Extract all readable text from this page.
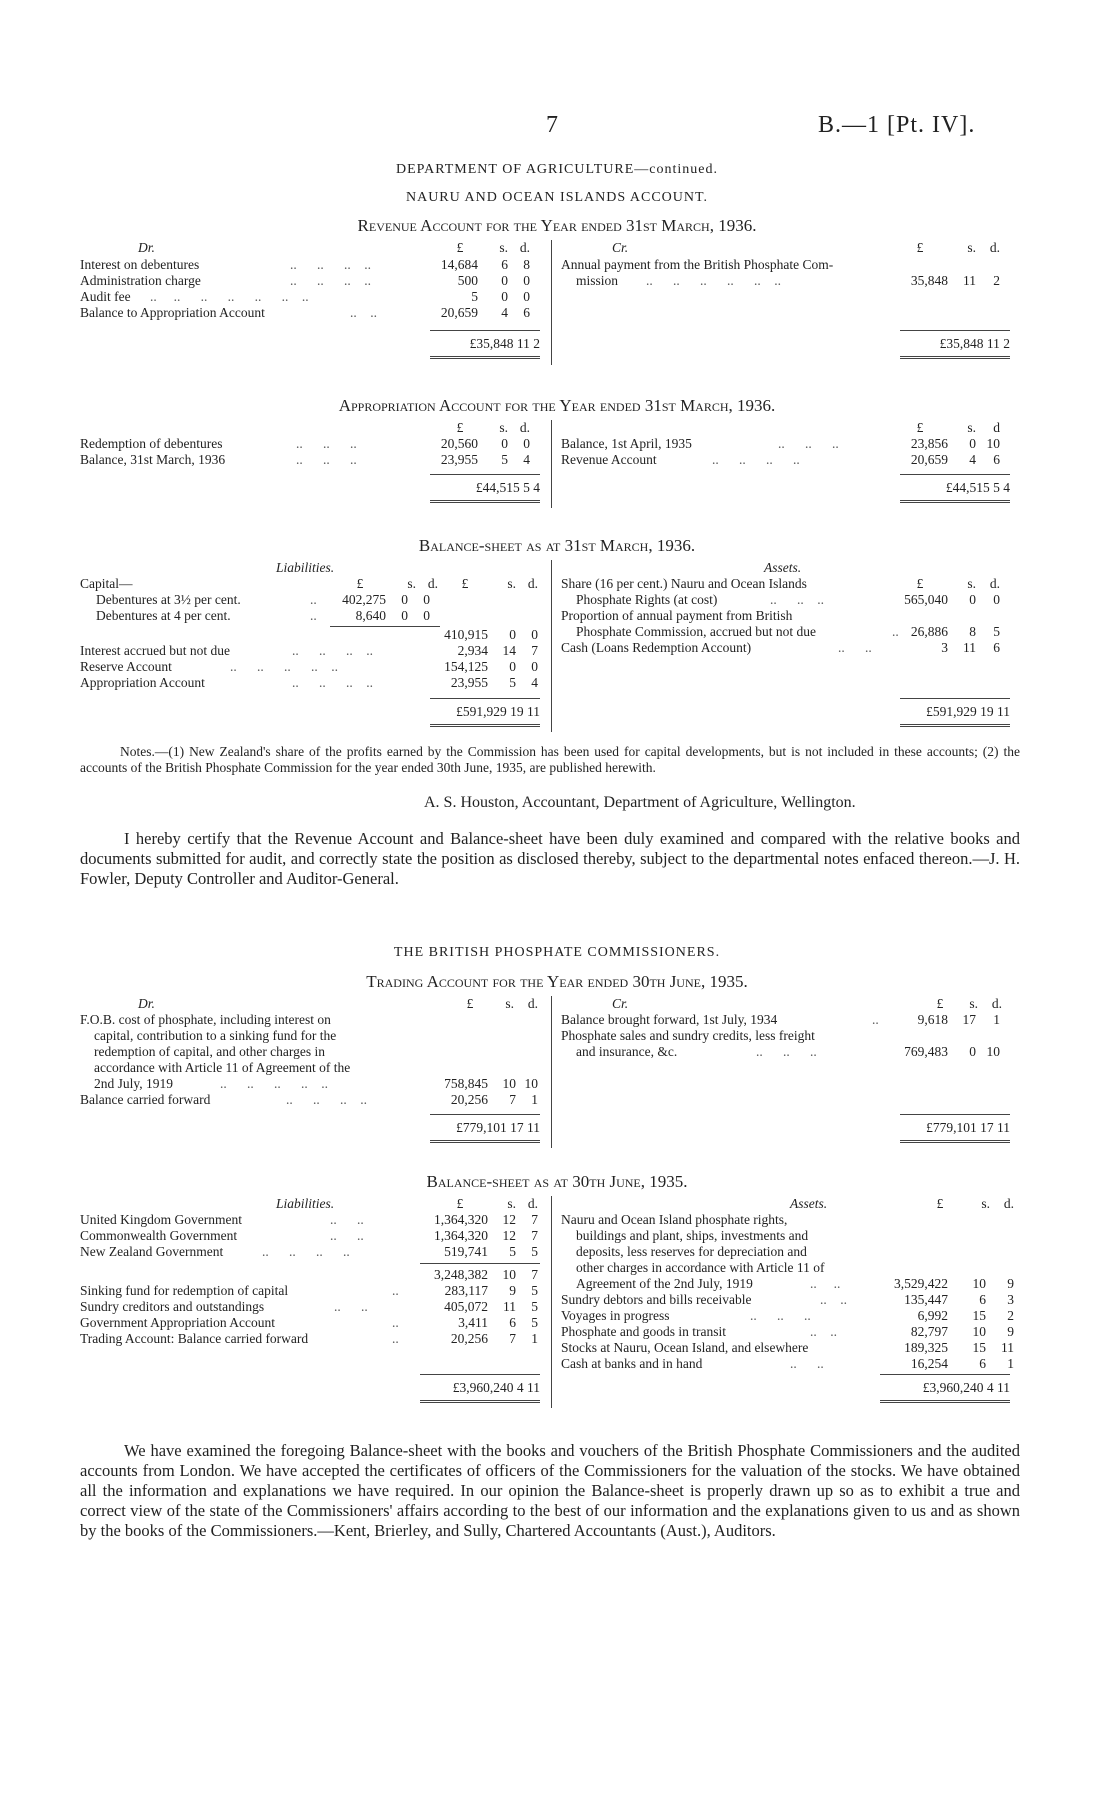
7	B.—1 [Pt. IV].
DEPARTMENT OF AGRICULTURE—continued.
NAURU AND OCEAN ISLANDS ACCOUNT.
Revenue Account for the Year ended 31st March, 1936.
Dr.	£	s. d.
Interest on debentures	..      ..      ..    ..	14,684	6	8
Administration charge	..      ..      ..    ..	500	0	0
Audit fee ..     ..      ..      ..      ..      ..    ..	5	0	0
Balance to Appropriation Account	..    ..	20,659	4	6
£35,848 11 2
Cr.	£	s.	d.
Annual payment from the British Phosphate Com-
mission ..      ..      ..      ..      ..    ..	35,848	11	2
£35,848 11 2
Appropriation Account for the Year ended 31st March, 1936.
£	s. d.
Redemption of debentures	..      ..      ..	20,560	0	0
Balance, 31st March, 1936	..      ..      ..	23,955	5	4
£44,515 5 4
£	s.	d
Balance, 1st April, 1935	..      ..      ..	23,856	0 10
Revenue Account	..      ..      ..      ..	20,659	4	6
£44,515 5 4
Balance-sheet as at 31st March, 1936.
Liabilities.	Assets.
£	s. d.	£	s. d.
Capital—
Debentures at 3½ per cent.	..	402,275	0	0
Debentures at 4 per cent.	..	8,640	0	0
410,915	0	0
Interest accrued but not due	..      ..      ..    ..	2,934	14	7
Reserve Account	..      ..      ..      ..    ..	154,125	0	0
Appropriation Account	..      ..      ..    ..	23,955	5	4
£591,929 19 11
£	s.	d.
Share (16 per cent.) Nauru and Ocean Islands
Phosphate Rights (at cost)	..      ..    ..	565,040	0	0
Proportion of annual payment from British
Phosphate Commission, accrued but not due	.. 26,886	8	5
Cash (Loans Redemption Account)	..      ..	3	11	6
£591,929 19 11
Notes.—(1) New Zealand's share of the profits earned by the Commission has been used for capital developments, but is not included in these accounts; (2) the accounts of the British Phosphate Commission for the year ended 30th June, 1935, are published herewith.
A. S. Houston, Accountant, Department of Agriculture, Wellington.
I hereby certify that the Revenue Account and Balance-sheet have been duly examined and compared with the relative books and documents submitted for audit, and correctly state the position as disclosed thereby, subject to the departmental notes enfaced thereon.—J. H. Fowler, Deputy Controller and Auditor-General.
THE BRITISH PHOSPHATE COMMISSIONERS.
Trading Account for the Year ended 30th June, 1935.
Dr.	£	s.	d.
F.O.B. cost of phosphate, including interest on
capital, contribution to a sinking fund for the
redemption of capital, and other charges in
accordance with Article 11 of Agreement of the
2nd July, 1919	..      ..      ..      ..    ..	758,845	10 10
Balance carried forward	..      ..      ..    ..	20,256	7	1
£779,101 17 11
Cr.	£	s.	d.
Balance brought forward, 1st July, 1934	..	9,618	17	1
Phosphate sales and sundry credits, less freight
and insurance, &c.	..      ..      ..	769,483	0 10
£779,101 17 11
Balance-sheet as at 30th June, 1935.
Liabilities.	Assets.
£	s. d.
United Kingdom Government	..      ..	1,364,320	12	7
Commonwealth Government	..      ..	1,364,320	12	7
New Zealand Government	..      ..      ..      ..	519,741	5	5
3,248,382	10	7
Sinking fund for redemption of capital	..	283,117	9	5
Sundry creditors and outstandings	..      ..	405,072	11	5
Government Appropriation Account	..	3,411	6	5
Trading Account: Balance carried forward	..	20,256	7	1
£3,960,240 4 11
£	s.	d.
Nauru and Ocean Island phosphate rights,
buildings and plant, ships, investments and
deposits, less reserves for depreciation and
other charges in accordance with Article 11 of
Agreement of the 2nd July, 1919	..     ..	3,529,422	10	9
Sundry debtors and bills receivable	..    ..	135,447	6	3
Voyages in progress	..      ..      ..	6,992	15	2
Phosphate and goods in transit	..    ..	82,797	10	9
Stocks at Nauru, Ocean Island, and elsewhere	189,325	15	11
Cash at banks and in hand	..      ..	16,254	6	1
£3,960,240 4 11
We have examined the foregoing Balance-sheet with the books and vouchers of the British Phosphate Commissioners and the audited accounts from London. We have accepted the certificates of officers of the Commissioners for the valuation of the stocks. We have obtained all the information and explanations we have required. In our opinion the Balance-sheet is properly drawn up so as to exhibit a true and correct view of the state of the Commissioners' affairs according to the best of our information and the explanations given to us and as shown by the books of the Commissioners.—Kent, Brierley, and Sully, Chartered Accountants (Aust.), Auditors.
